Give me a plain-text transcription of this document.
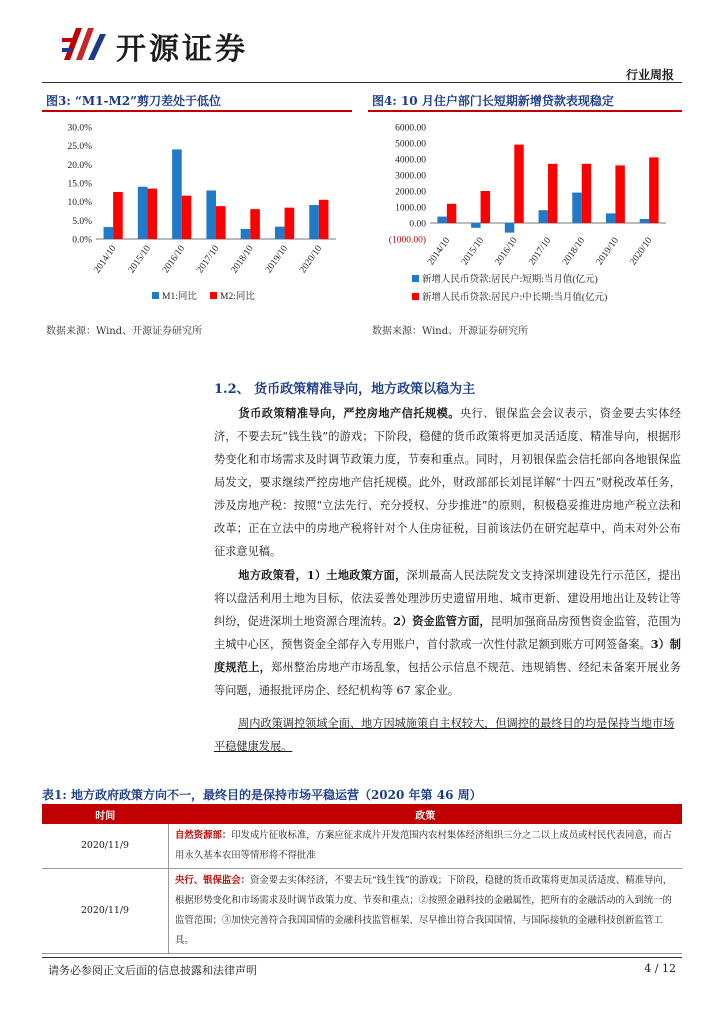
开源证券
行业周报
图3: “M1-M2”剪刀差处于低位
0.0%
5.0%
10.0%
15.0%
20.0%
25.0%
30.0%
2014/10 2015/10 2016/10 2017/10 2018/10 2019/10 2020/10
M1:同比 M2:同比
数据来源：Wind、开源证券研究所
图4: 10 月住户部门长短期新增贷款表现稳定
(1000.00)
0.00
1000.00
2000.00
3000.00
4000.00
5000.00
6000.00
2014/10 2015/10 2016/10 2017/10 2018/10 2019/10 2020/10
新增人民币贷款:居民户:短期:当月值(亿元)
新增人民币贷款:居民户:中长期:当月值(亿元)
数据来源：Wind、开源证券研究所
1.2、 货币政策精准导向，地方政策以稳为主
货币政策精准导向，严控房地产信托规模。央行、银保监会会议表示，资金要去实体经济，不要去玩“钱生钱”的游戏；下阶段，稳健的货币政策将更加灵活适度、精准导向，根据形势变化和市场需求及时调节政策力度，节奏和重点。同时，月初银保监会信托部向各地银保监局发文，要求继续严控房地产信托规模。此外，财政部部长刘昆详解“十四五”财税改革任务，涉及房地产税：按照“立法先行、充分授权、分步推进”的原则，积极稳妥推进房地产税立法和改革；正在立法中的房地产税将针对个人住房征税，目前该法仍在研究起草中，尚未对外公布征求意见稿。
地方政策看，1）土地政策方面，深圳最高人民法院发文支持深圳建设先行示范区，提出将以盘活利用土地为目标，依法妥善处理涉历史遗留用地、城市更新、建设用地出让及转让等纠纷，促进深圳土地资源合理流转。2）资金监管方面，昆明加强商品房预售资金监管，范围为主城中心区，预售资金全部存入专用账户，首付款或一次性付款足额到账方可网签备案。3）制度规范上，郑州整治房地产市场乱象，包括公示信息不规范、违规销售、经纪未备案开展业务等问题，通报批评房企、经纪机构等 67 家企业。
周内政策调控领域全面、地方因城施策自主权较大，但调控的最终目的均是保持当地市场平稳健康发展。
表1: 地方政府政策方向不一，最终目的是保持市场平稳运营（2020 年第 46 周）
时间	政策
2020/11/9	自然资源部：印发成片征收标准，方案应征求成片开发范围内农村集体经济组织三分之二以上成员或村民代表同意，而占用永久基本农田等情形将不得批准
2020/11/9	央行、银保监会：资金要去实体经济，不要去玩“钱生钱”的游戏；下阶段，稳健的货币政策将更加灵活适度、精准导向，根据形势变化和市场需求及时调节政策力度、节奏和重点；②按照金融科技的金融属性，把所有的金融活动的入到统一的监管范围；③加快完善符合我国国情的金融科技监管框架、尽早推出符合我国国情、与国际接轨的金融科技创新监管工具。
请务必参阅正文后面的信息披露和法律声明	4 / 12
